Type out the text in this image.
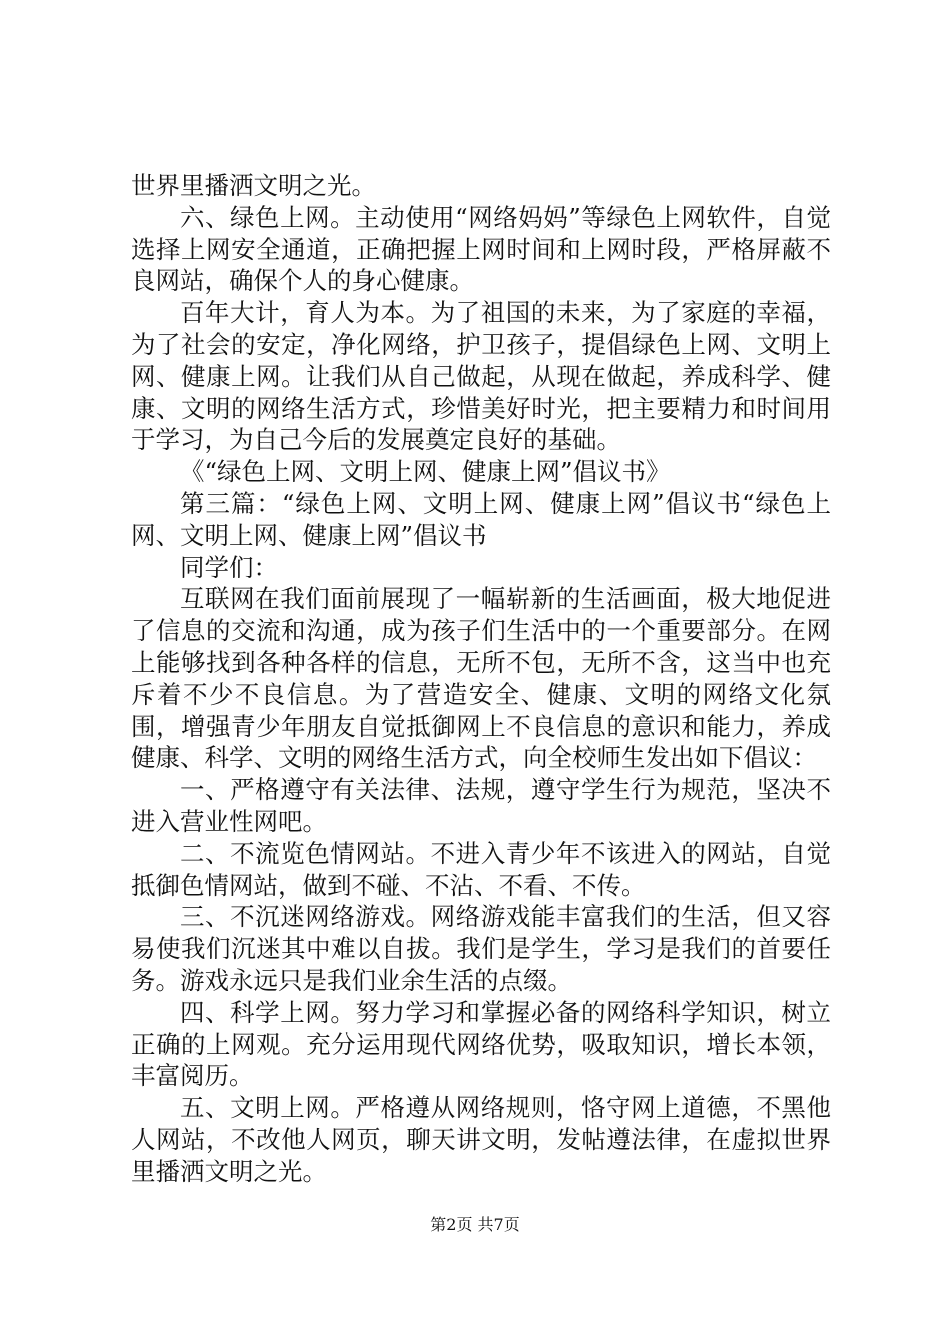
世界里播洒文明之光。

六、绿色上网。主动使用“网络妈妈”等绿色上网软件，自觉选择上网安全通道，正确把握上网时间和上网时段，严格屏蔽不良网站，确保个人的身心健康。

百年大计，育人为本。为了祖国的未来，为了家庭的幸福，为了社会的安定，净化网络，护卫孩子，提倡绿色上网、文明上网、健康上网。让我们从自己做起，从现在做起，养成科学、健康、文明的网络生活方式，珍惜美好时光，把主要精力和时间用于学习，为自己今后的发展奠定良好的基础。

《“绿色上网、文明上网、健康上网”倡议书》

第三篇：“绿色上网、文明上网、健康上网”倡议书“绿色上网、文明上网、健康上网”倡议书

同学们：

互联网在我们面前展现了一幅崭新的生活画面，极大地促进了信息的交流和沟通，成为孩子们生活中的一个重要部分。在网上能够找到各种各样的信息，无所不包，无所不含，这当中也充斥着不少不良信息。为了营造安全、健康、文明的网络文化氛围，增强青少年朋友自觉抵御网上不良信息的意识和能力，养成健康、科学、文明的网络生活方式，向全校师生发出如下倡议：

一、严格遵守有关法律、法规，遵守学生行为规范，坚决不进入营业性网吧。

二、不流览色情网站。不进入青少年不该进入的网站，自觉抵御色情网站，做到不碰、不沾、不看、不传。

三、不沉迷网络游戏。网络游戏能丰富我们的生活，但又容易使我们沉迷其中难以自拔。我们是学生，学习是我们的首要任务。游戏永远只是我们业余生活的点缀。

四、科学上网。努力学习和掌握必备的网络科学知识，树立正确的上网观。充分运用现代网络优势，吸取知识，增长本领，丰富阅历。

五、文明上网。严格遵从网络规则，恪守网上道德，不黑他人网站，不改他人网页，聊天讲文明，发帖遵法律，在虚拟世界里播洒文明之光。

第2页 共7页
